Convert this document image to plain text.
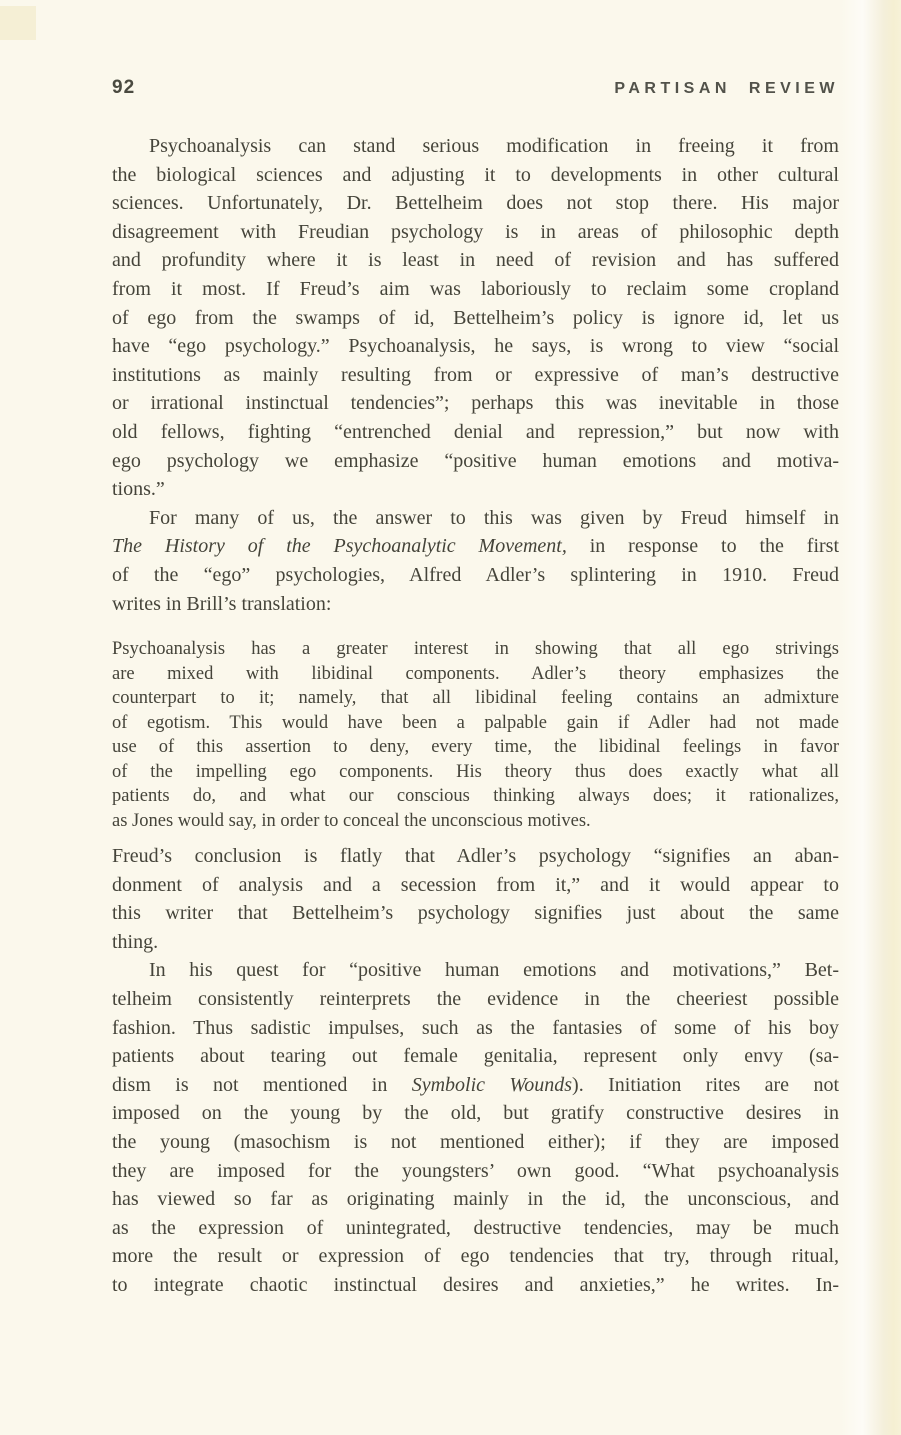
92	PARTISAN REVIEW
Psychoanalysis can stand serious modification in freeing it from
the biological sciences and adjusting it to developments in other cultural
sciences. Unfortunately, Dr. Bettelheim does not stop there. His major
disagreement with Freudian psychology is in areas of philosophic depth
and profundity where it is least in need of revision and has suffered
from it most. If Freud’s aim was laboriously to reclaim some cropland
of ego from the swamps of id, Bettelheim’s policy is ignore id, let us
have “ego psychology.” Psychoanalysis, he says, is wrong to view “social
institutions as mainly resulting from or expressive of man’s destructive
or irrational instinctual tendencies”; perhaps this was inevitable in those
old fellows, fighting “entrenched denial and repression,” but now with
ego psychology we emphasize “positive human emotions and motiva-
tions.”
For many of us, the answer to this was given by Freud himself in
The History of the Psychoanalytic Movement, in response to the first
of the “ego” psychologies, Alfred Adler’s splintering in 1910. Freud
writes in Brill’s translation:
Psychoanalysis has a greater interest in showing that all ego strivings
are mixed with libidinal components. Adler’s theory emphasizes the
counterpart to it; namely, that all libidinal feeling contains an admixture
of egotism. This would have been a palpable gain if Adler had not made
use of this assertion to deny, every time, the libidinal feelings in favor
of the impelling ego components. His theory thus does exactly what all
patients do, and what our conscious thinking always does; it rationalizes,
as Jones would say, in order to conceal the unconscious motives.
Freud’s conclusion is flatly that Adler’s psychology “signifies an aban-
donment of analysis and a secession from it,” and it would appear to
this writer that Bettelheim’s psychology signifies just about the same
thing.
In his quest for “positive human emotions and motivations,” Bet-
telheim consistently reinterprets the evidence in the cheeriest possible
fashion. Thus sadistic impulses, such as the fantasies of some of his boy
patients about tearing out female genitalia, represent only envy (sa-
dism is not mentioned in Symbolic Wounds). Initiation rites are not
imposed on the young by the old, but gratify constructive desires in
the young (masochism is not mentioned either); if they are imposed
they are imposed for the youngsters’ own good. “What psychoanalysis
has viewed so far as originating mainly in the id, the unconscious, and
as the expression of unintegrated, destructive tendencies, may be much
more the result or expression of ego tendencies that try, through ritual,
to integrate chaotic instinctual desires and anxieties,” he writes. In-
